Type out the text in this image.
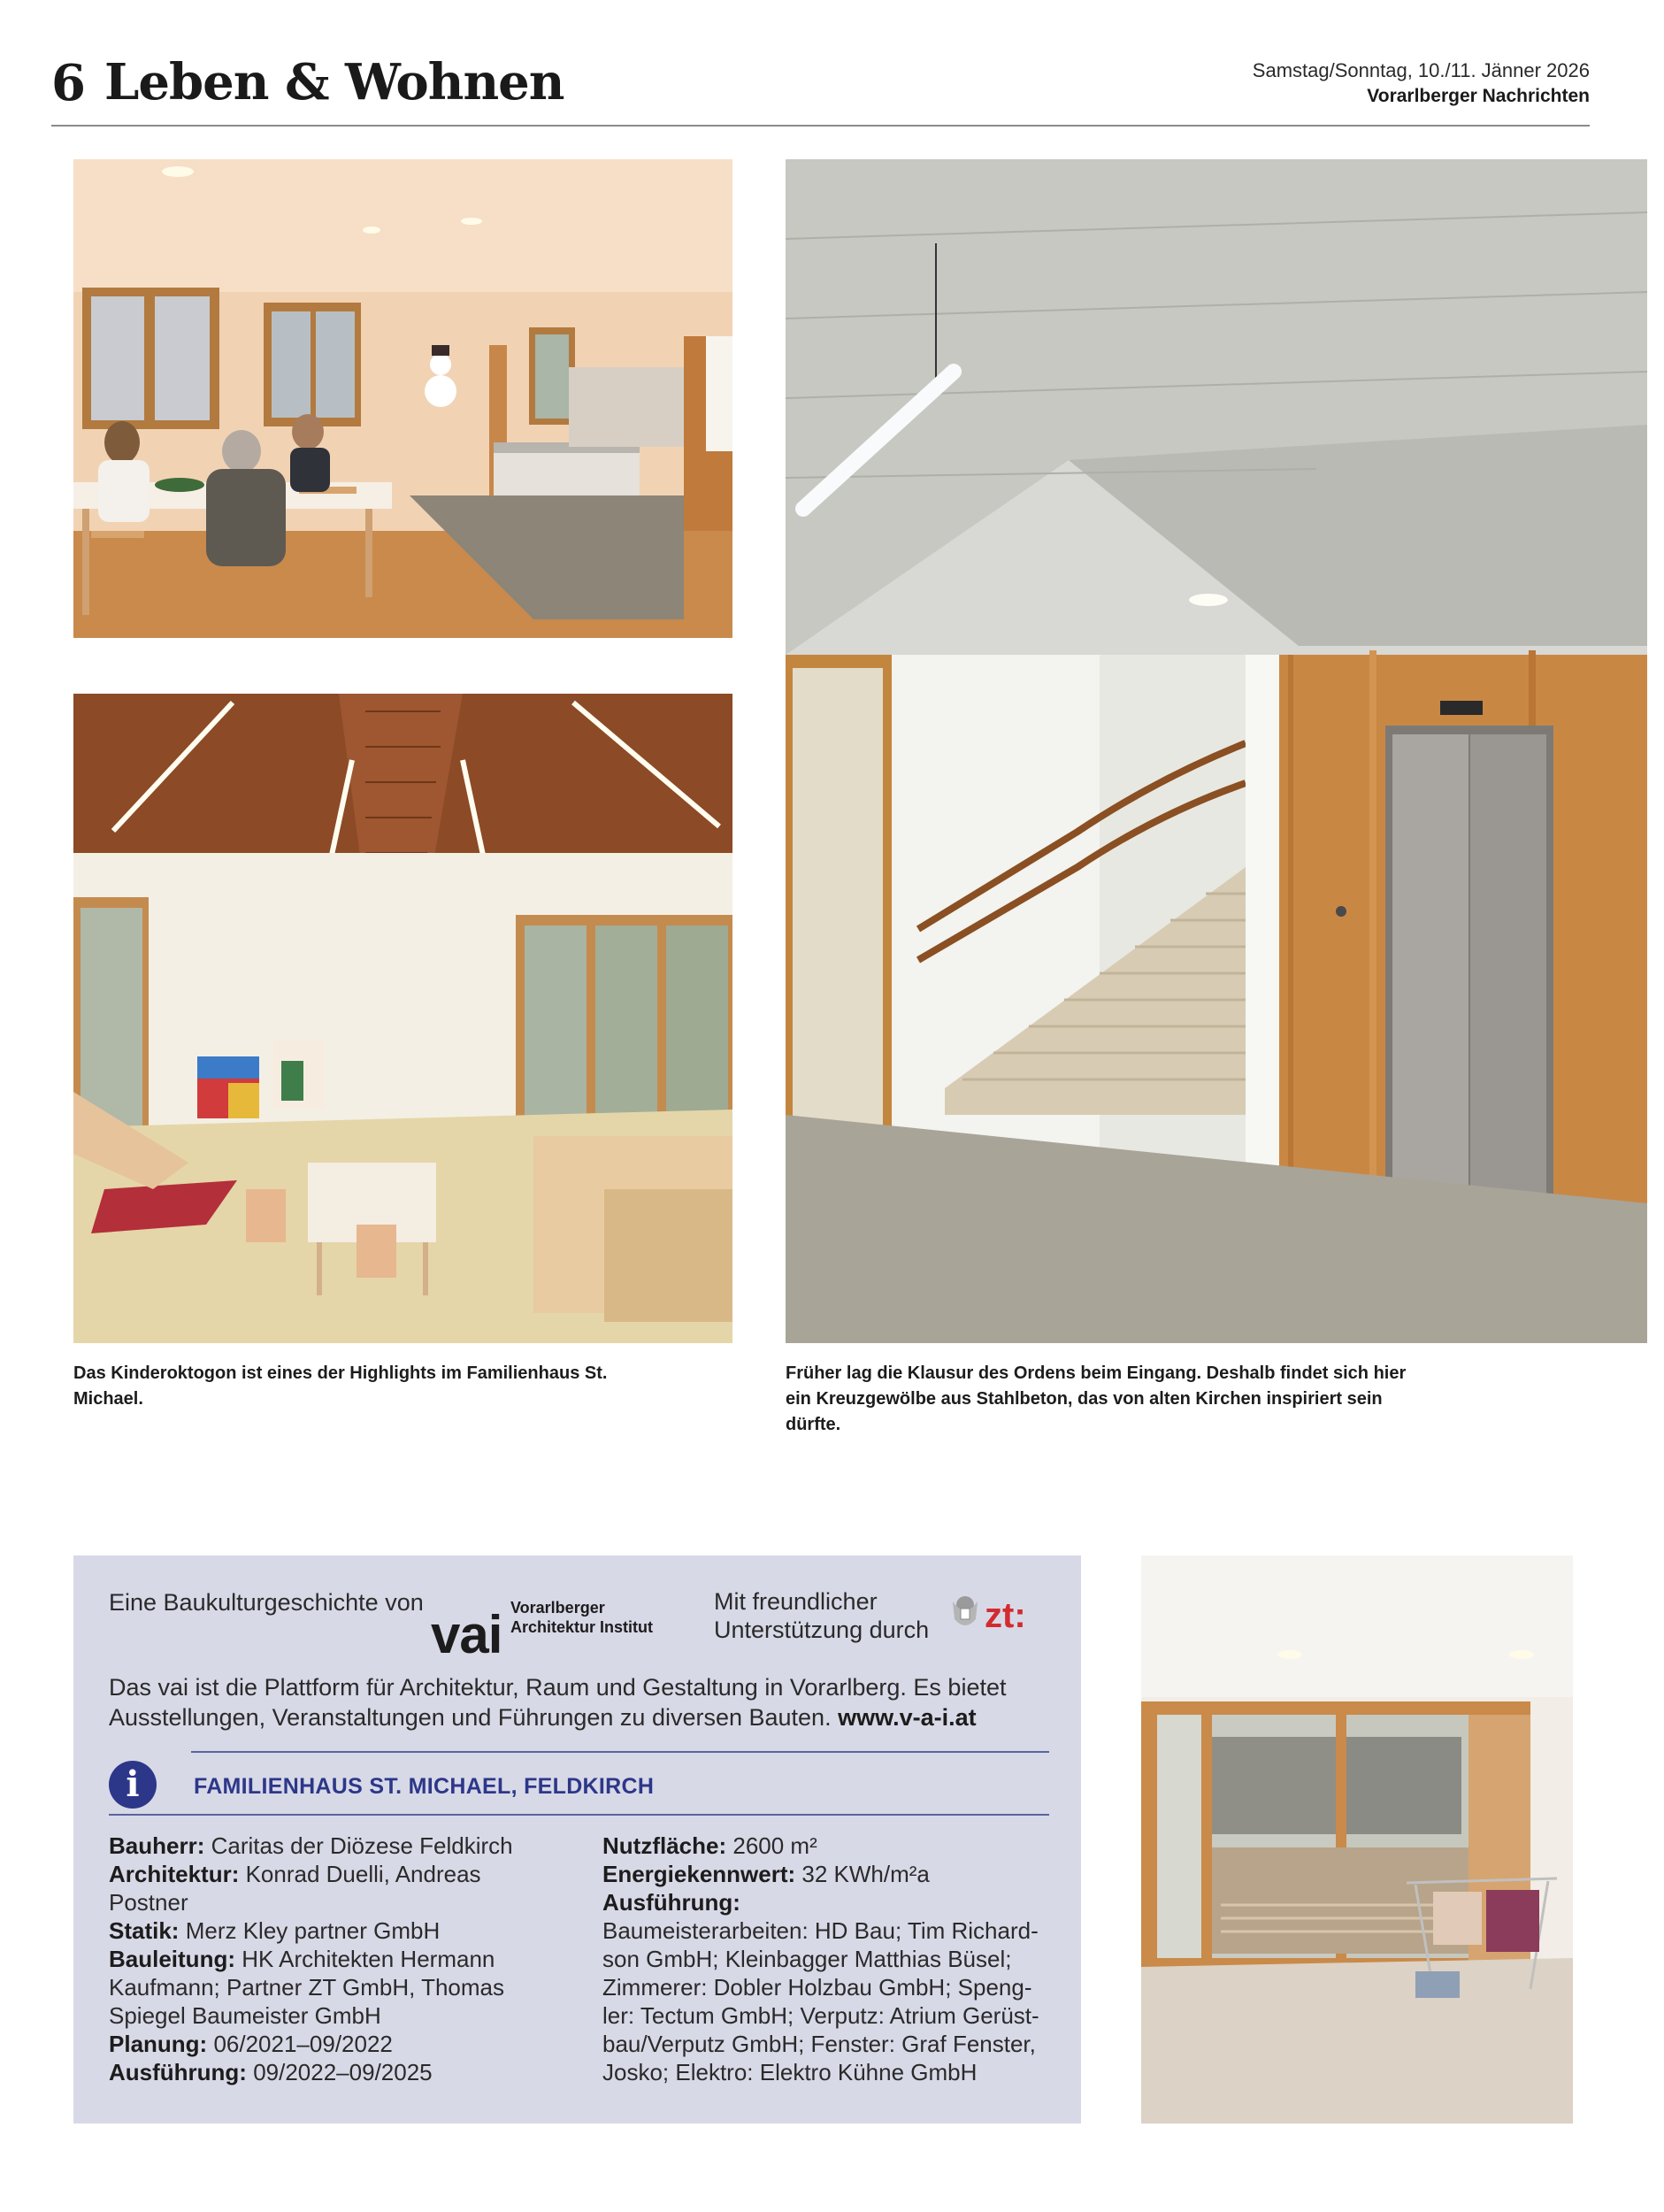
6 Leben & Wohnen	Samstag/Sonntag, 10./11. Jänner 2026
Vorarlberger Nachrichten
Das Kinderoktogon ist eines der Highlights im Familienhaus St. Michael.
Früher lag die Klausur des Ordens beim Eingang. Deshalb findet sich hier ein Kreuzgewölbe aus Stahlbeton, das von alten Kirchen inspiriert sein dürfte.
Eine Baukulturgeschichte von
vai Vorarlberger
Architektur Institut
Mit freundlicher
Unterstützung durch zt:
Das vai ist die Plattform für Architektur, Raum und Gestaltung in Vorarlberg. Es bietet Ausstellungen, Veranstaltungen und Führungen zu diversen Bauten. www.v-a-i.at
i	FAMILIENHAUS ST. MICHAEL, FELDKIRCH

Bauherr: Caritas der Diözese Feldkirch

Architektur: Konrad Duelli, Andreas Postner

Statik: Merz Kley partner GmbH

Bauleitung: HK Architekten Hermann Kaufmann; Partner ZT GmbH, Thomas Spiegel Baumeister GmbH

Planung: 06/2021–09/2022

Ausführung: 09/2022–09/2025

Nutzfläche: 2600 m²

Energiekennwert: 32 KWh/m²a

Ausführung:

Baumeisterarbeiten: HD Bau; Tim Richard-son GmbH; Kleinbagger Matthias Büsel; Zimmerer: Dobler Holzbau GmbH; Speng-ler: Tectum GmbH; Verputz: Atrium Gerüst-bau/Verputz GmbH; Fenster: Graf Fenster, Josko; Elektro: Elektro Kühne GmbH
